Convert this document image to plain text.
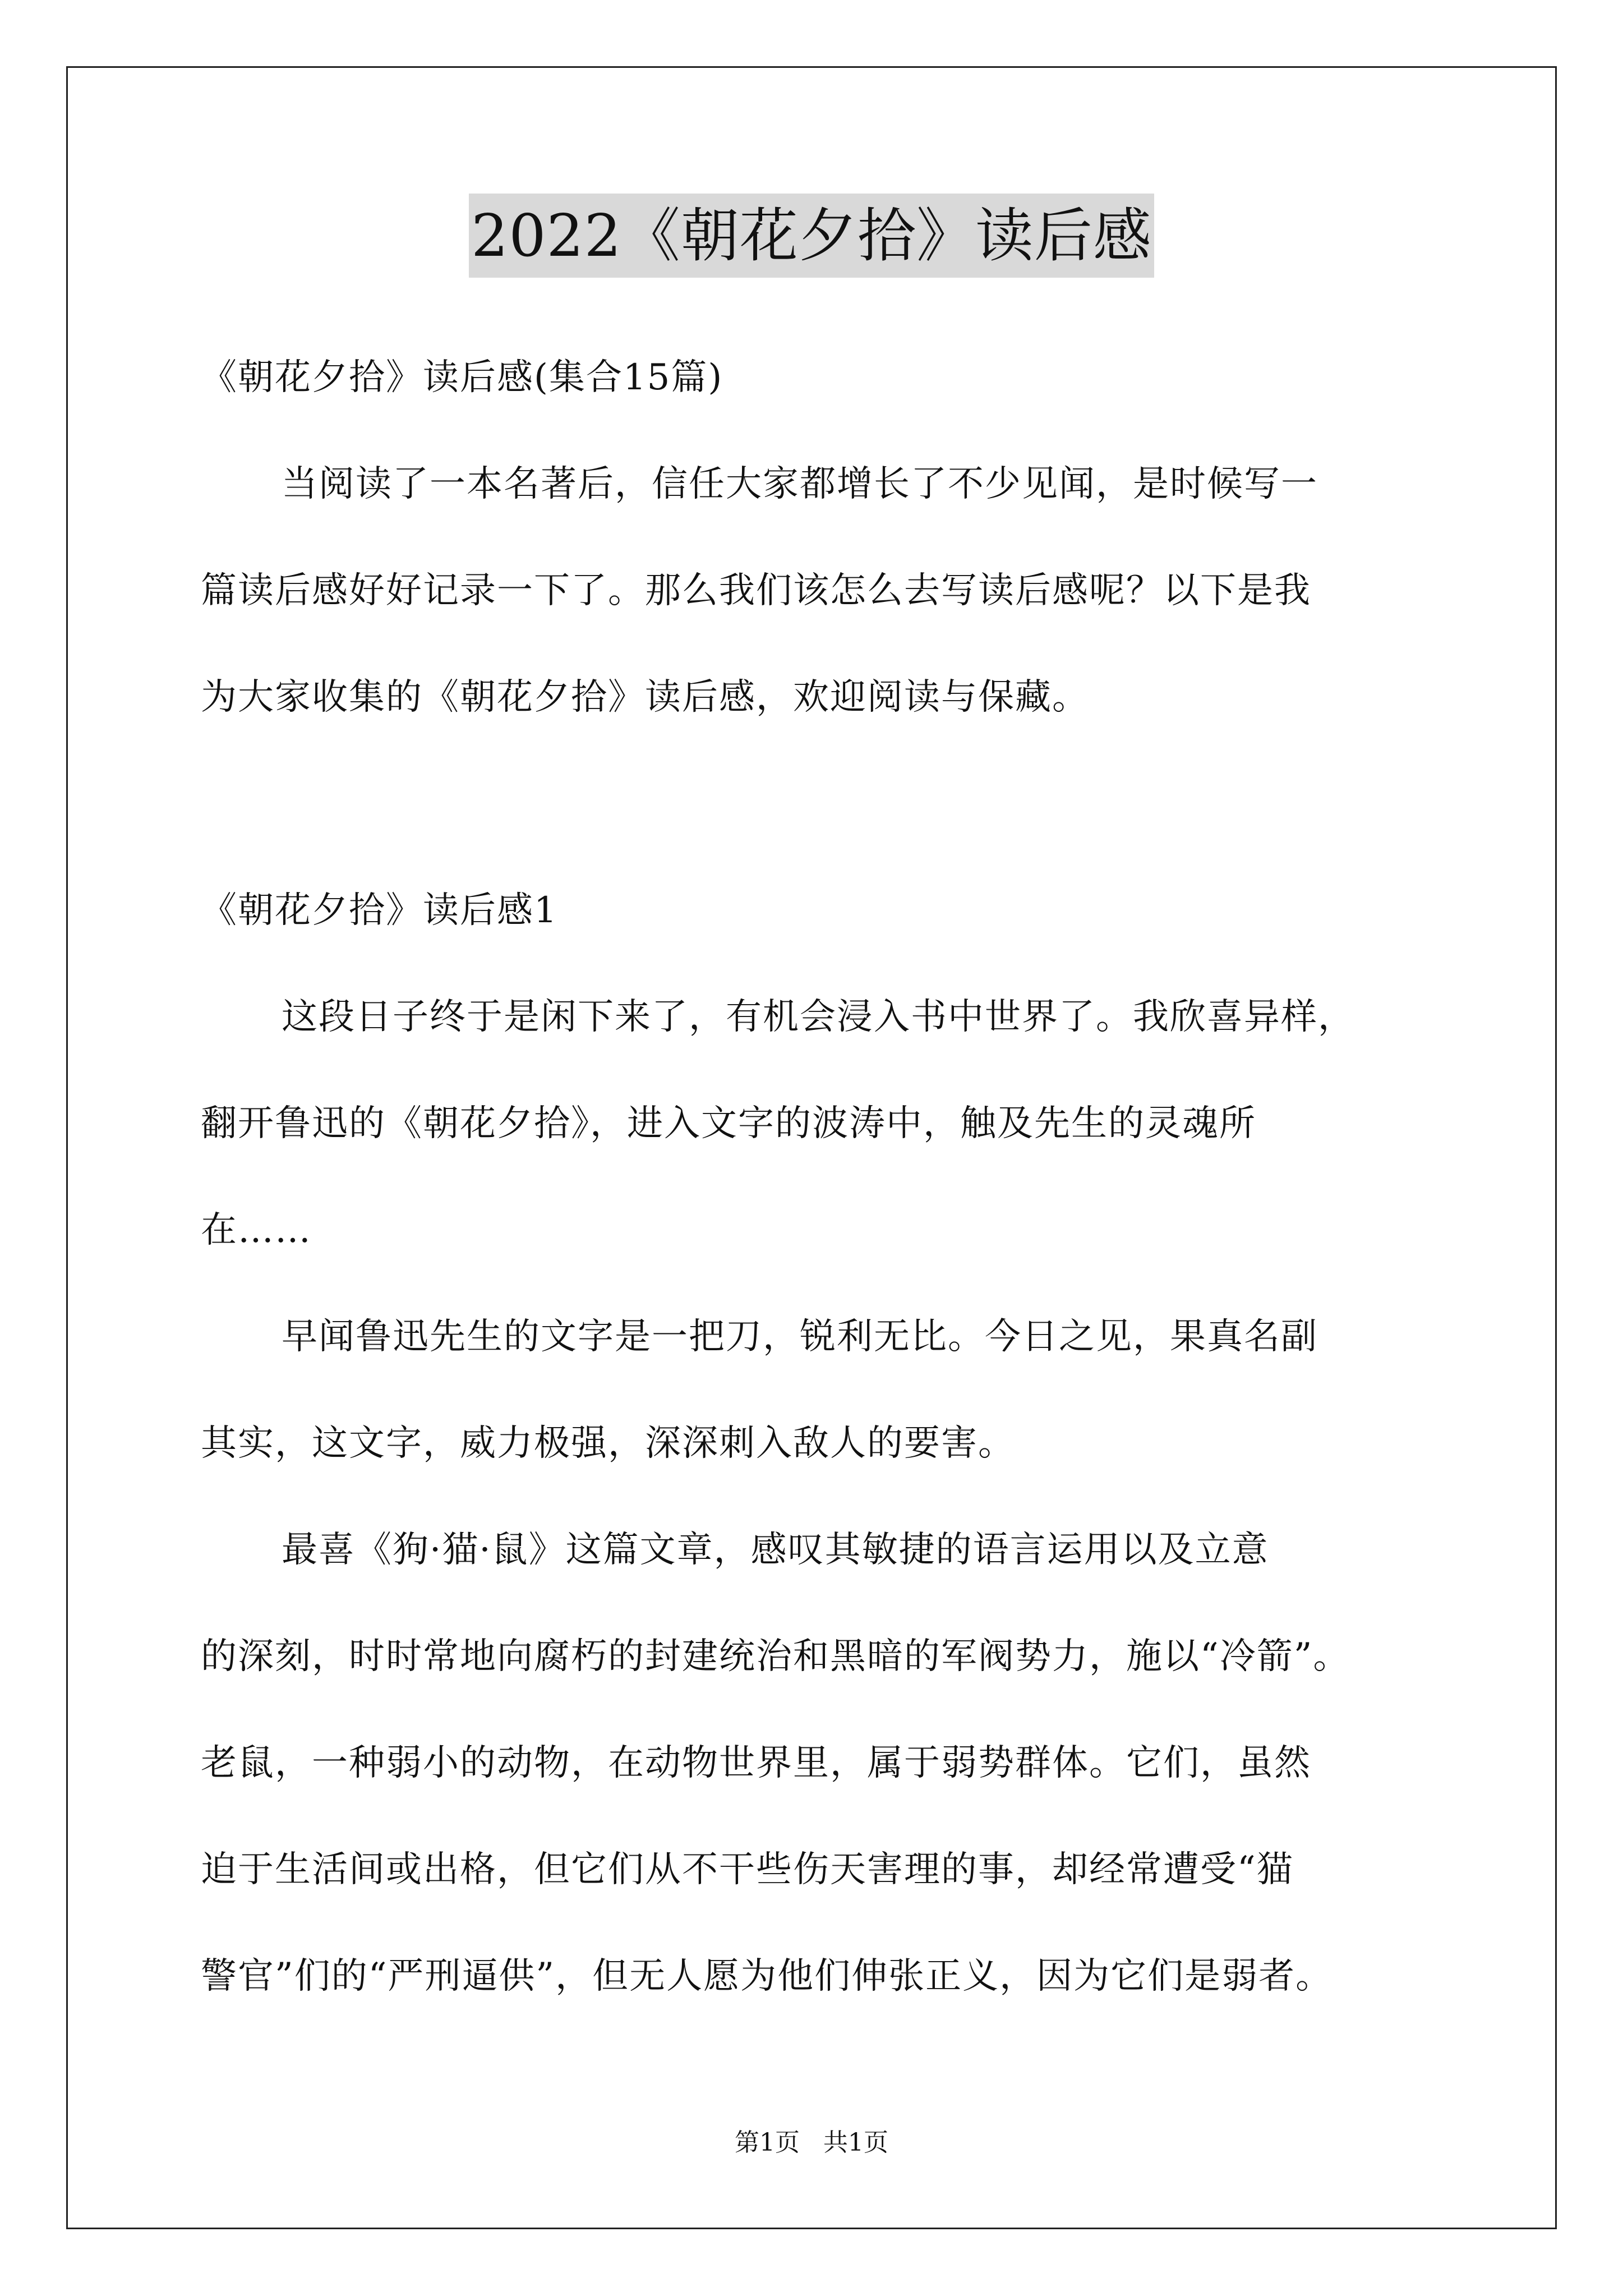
2022《朝花夕拾》读后感
《朝花夕拾》读后感(集合15篇)
当阅读了一本名著后，信任大家都增长了不少见闻，是时候写一
篇读后感好好记录一下了。那么我们该怎么去写读后感呢？以下是我
为大家收集的《朝花夕拾》读后感，欢迎阅读与保藏。
《朝花夕拾》读后感1
这段日子终于是闲下来了，有机会浸入书中世界了。我欣喜异样，
翻开鲁迅的《朝花夕拾》，进入文字的波涛中，触及先生的灵魂所
在……
早闻鲁迅先生的文字是一把刀，锐利无比。今日之见，果真名副
其实，这文字，威力极强，深深刺入敌人的要害。
最喜《狗·猫·鼠》这篇文章，感叹其敏捷的语言运用以及立意
的深刻，时时常地向腐朽的封建统治和黑暗的军阀势力，施以“冷箭”。
老鼠，一种弱小的动物，在动物世界里，属于弱势群体。它们，虽然
迫于生活间或出格，但它们从不干些伤天害理的事，却经常遭受“猫
警官”们的“严刑逼供”，但无人愿为他们伸张正义，因为它们是弱者。
第1页 共1页
